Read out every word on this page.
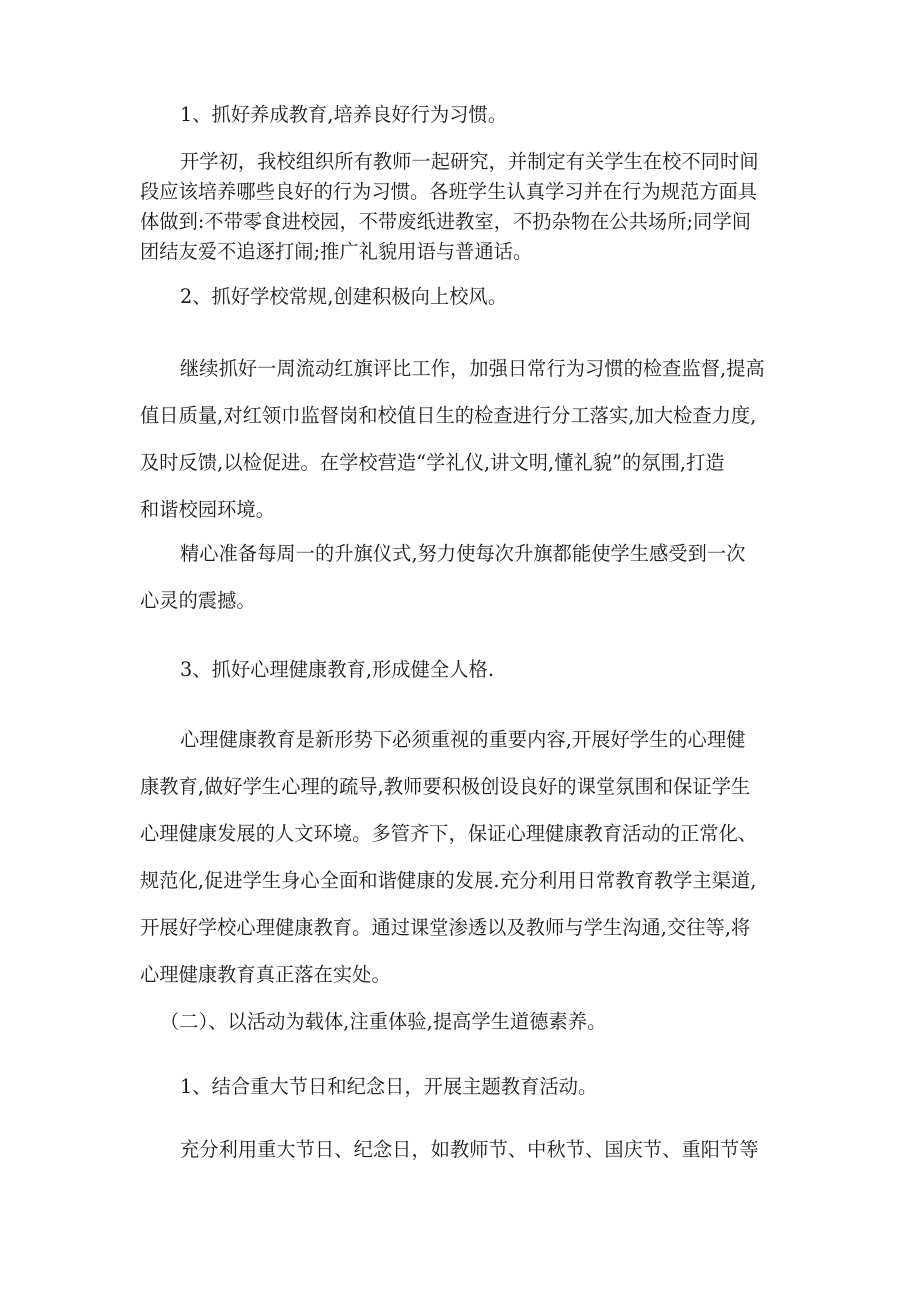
1、抓好养成教育,培养良好行为习惯。

开学初，我校组织所有教师一起研究，并制定有关学生在校不同时间
段应该培养哪些良好的行为习惯。各班学生认真学习并在行为规范方面具
体做到:不带零食进校园，不带废纸进教室，不扔杂物在公共场所;同学间
团结友爱不追逐打闹;推广礼貌用语与普通话。

2、抓好学校常规,创建积极向上校风。

继续抓好一周流动红旗评比工作，加强日常行为习惯的检查监督,提高
值日质量,对红领巾监督岗和校值日生的检查进行分工落实,加大检查力度,
及时反馈,以检促进。在学校营造“学礼仪,讲文明,懂礼貌”的氛围,打造
和谐校园环境。

精心准备每周一的升旗仪式,努力使每次升旗都能使学生感受到一次
心灵的震撼。

3、抓好心理健康教育,形成健全人格.

心理健康教育是新形势下必须重视的重要内容,开展好学生的心理健
康教育,做好学生心理的疏导,教师要积极创设良好的课堂氛围和保证学生
心理健康发展的人文环境。多管齐下，保证心理健康教育活动的正常化、
规范化,促进学生身心全面和谐健康的发展.充分利用日常教育教学主渠道,
开展好学校心理健康教育。通过课堂渗透以及教师与学生沟通,交往等,将
心理健康教育真正落在实处。

（二）、以活动为载体,注重体验,提高学生道德素养。

1、结合重大节日和纪念日，开展主题教育活动。

充分利用重大节日、纪念日，如教师节、中秋节、国庆节、重阳节等
